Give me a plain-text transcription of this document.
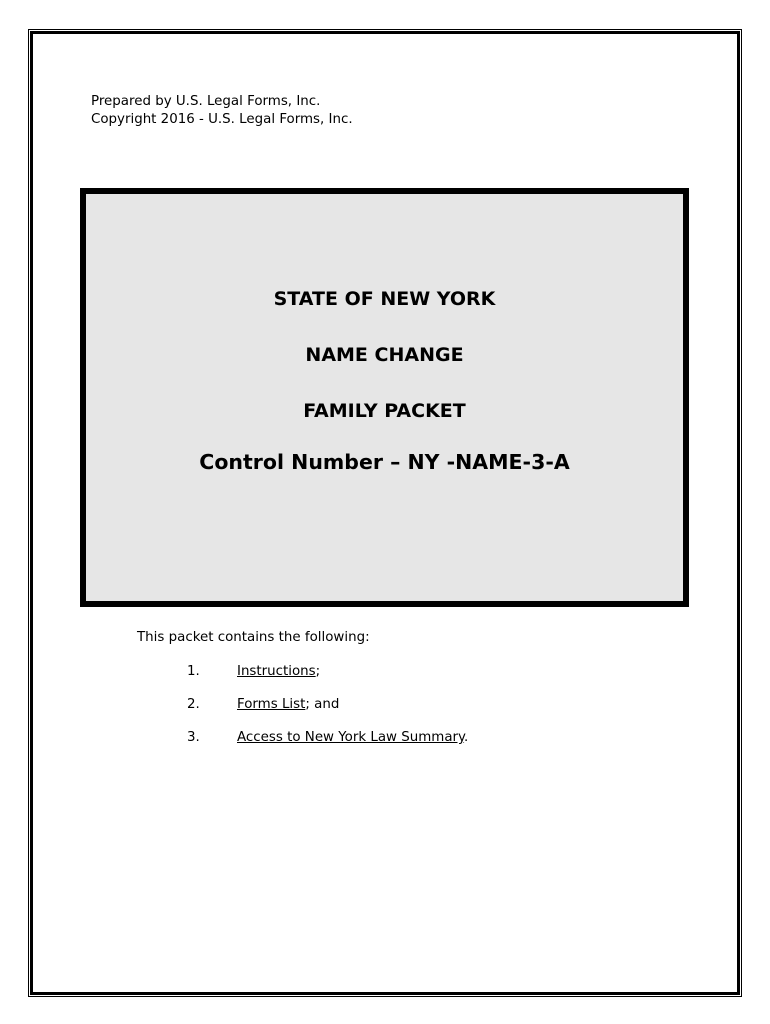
Prepared by U.S. Legal Forms, Inc.
Copyright 2016 - U.S. Legal Forms, Inc.
STATE OF NEW YORK
NAME CHANGE
FAMILY PACKET
Control Number – NY -NAME-3-A
This packet contains the following:
1.	Instructions;
2.	Forms List; and
3.	Access to New York Law Summary.
